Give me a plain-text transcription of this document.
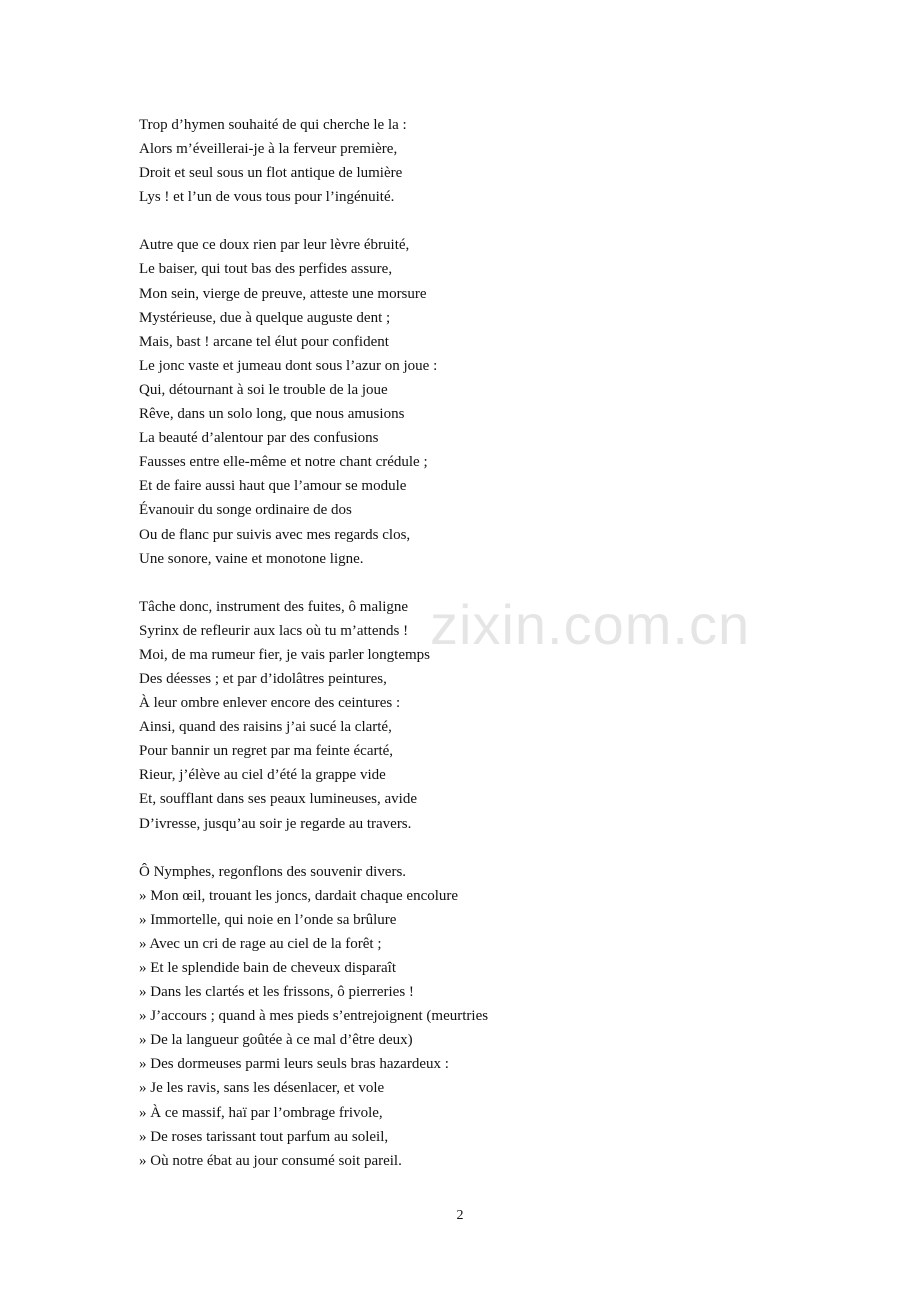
Trop d’hymen souhaité de qui cherche le la :
Alors m’éveillerai-je à la ferveur première,
Droit et seul sous un flot antique de lumière
Lys ! et l’un de vous tous pour l’ingénuité.
Autre que ce doux rien par leur lèvre ébruité,
Le baiser, qui tout bas des perfides assure,
Mon sein, vierge de preuve, atteste une morsure
Mystérieuse, due à quelque auguste dent ;
Mais, bast ! arcane tel élut pour confident
Le jonc vaste et jumeau dont sous l’azur on joue :
Qui, détournant à soi le trouble de la joue
Rêve, dans un solo long, que nous amusions
La beauté d’alentour par des confusions
Fausses entre elle-même et notre chant crédule ;
Et de faire aussi haut que l’amour se module
Évanouir du songe ordinaire de dos
Ou de flanc pur suivis avec mes regards clos,
Une sonore, vaine et monotone ligne.
Tâche donc, instrument des fuites, ô maligne
Syrinx de refleurir aux lacs où tu m’attends !
Moi, de ma rumeur fier, je vais parler longtemps
Des déesses ; et par d’idolâtres peintures,
À leur ombre enlever encore des ceintures :
Ainsi, quand des raisins j’ai sucé la clarté,
Pour bannir un regret par ma feinte écarté,
Rieur, j’élève au ciel d’été la grappe vide
Et, soufflant dans ses peaux lumineuses, avide
D’ivresse, jusqu’au soir je regarde au travers.
Ô Nymphes, regonflons des souvenir divers.
» Mon œil, trouant les joncs, dardait chaque encolure
» Immortelle, qui noie en l’onde sa brûlure
» Avec un cri de rage au ciel de la forêt ;
» Et le splendide bain de cheveux disparaît
» Dans les clartés et les frissons, ô pierreries !
» J’accours ; quand à mes pieds s’entrejoignent (meurtries
» De la langueur goûtée à ce mal d’être deux)
» Des dormeuses parmi leurs seuls bras hazardeux :
» Je les ravis, sans les désenlacer, et vole
» À ce massif, haï par l’ombrage frivole,
» De roses tarissant tout parfum au soleil,
» Où notre ébat au jour consumé soit pareil.
zixin.com.cn
2
